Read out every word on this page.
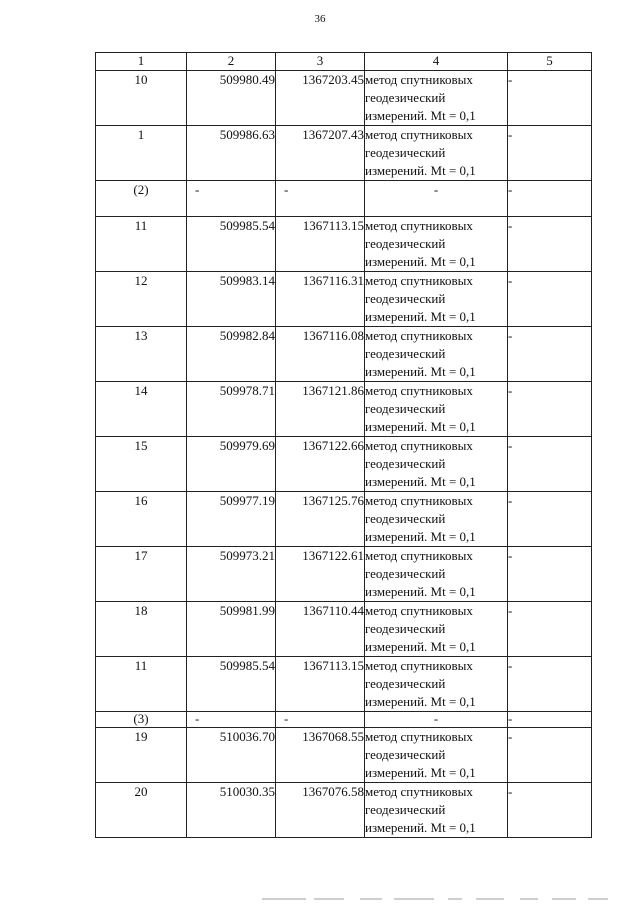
36
1	2	3	4	5
10	509980.49	1367203.45	метод спутниковых геодезический измерений. Mt = 0,1	-
1	509986.63	1367207.43	метод спутниковых геодезический измерений. Mt = 0,1	-
(2)	-	-	-	-
11	509985.54	1367113.15	метод спутниковых геодезический измерений. Mt = 0,1	-
12	509983.14	1367116.31	метод спутниковых геодезический измерений. Mt = 0,1	-
13	509982.84	1367116.08	метод спутниковых геодезический измерений. Mt = 0,1	-
14	509978.71	1367121.86	метод спутниковых геодезический измерений. Mt = 0,1	-
15	509979.69	1367122.66	метод спутниковых геодезический измерений. Mt = 0,1	-
16	509977.19	1367125.76	метод спутниковых геодезический измерений. Mt = 0,1	-
17	509973.21	1367122.61	метод спутниковых геодезический измерений. Mt = 0,1	-
18	509981.99	1367110.44	метод спутниковых геодезический измерений. Mt = 0,1	-
11	509985.54	1367113.15	метод спутниковых геодезический измерений. Mt = 0,1	-
(3)	-	-	-	-
19	510036.70	1367068.55	метод спутниковых геодезический измерений. Mt = 0,1	-
20	510030.35	1367076.58	метод спутниковых геодезический измерений. Mt = 0,1	-
